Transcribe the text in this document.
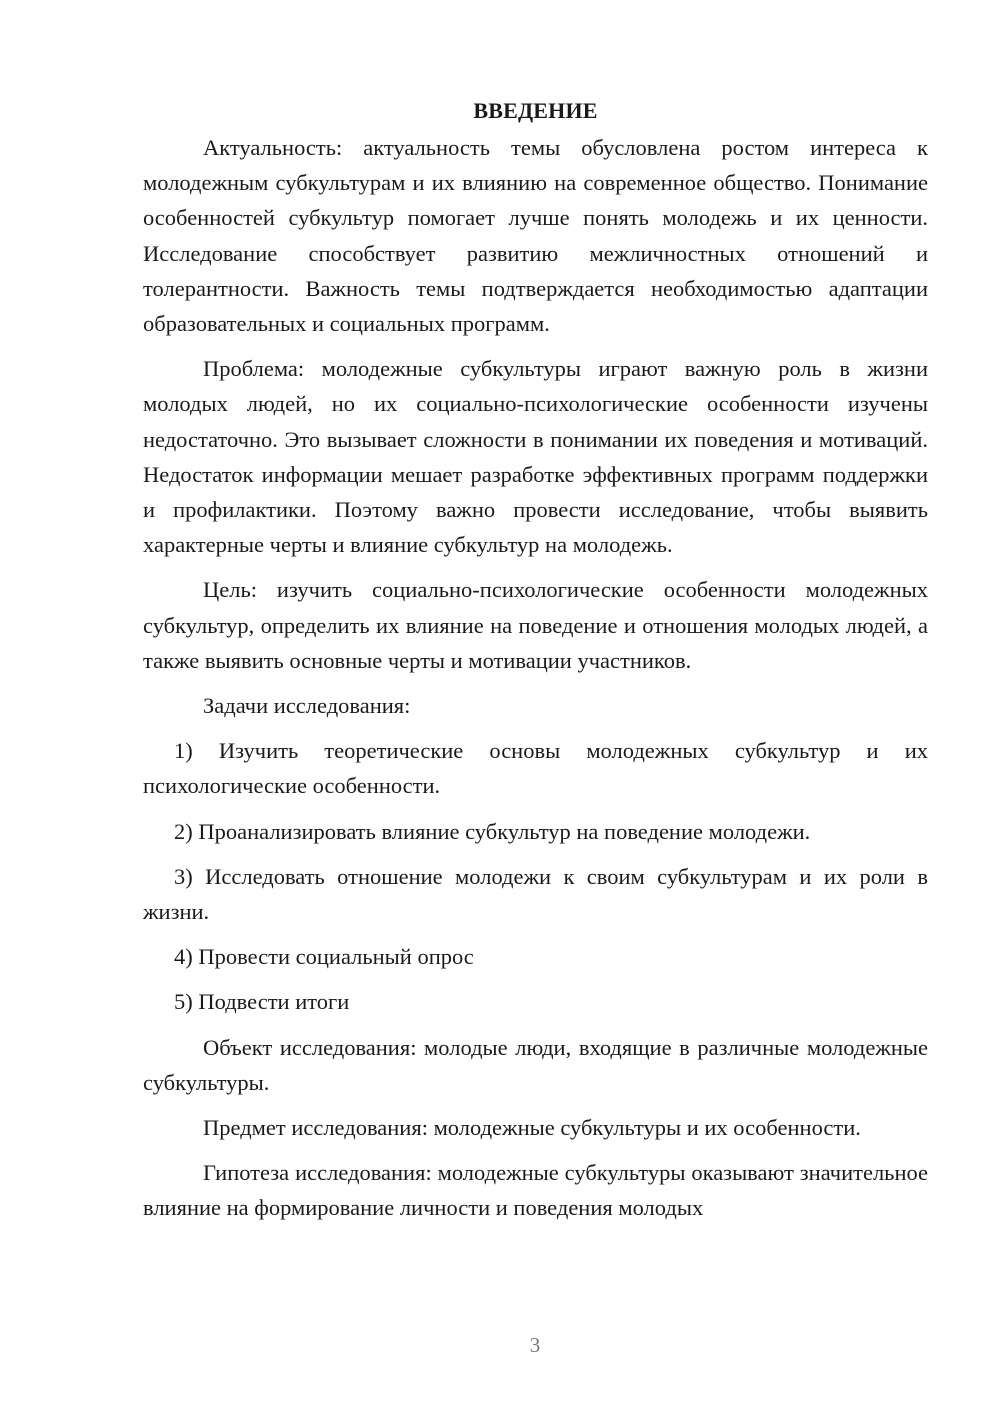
ВВЕДЕНИЕ

Актуальность: актуальность темы обусловлена ростом интереса к молодежным субкультурам и их влиянию на современное общество. Понимание особенностей субкультур помогает лучше понять молодежь и их ценности. Исследование способствует развитию межличностных отношений и толерантности. Важность темы подтверждается необходимостью адаптации образовательных и социальных программ.

Проблема: молодежные субкультуры играют важную роль в жизни молодых людей, но их социально-психологические особенности изучены недостаточно. Это вызывает сложности в понимании их поведения и мотиваций. Недостаток информации мешает разработке эффективных программ поддержки и профилактики. Поэтому важно провести исследование, чтобы выявить характерные черты и влияние субкультур на молодежь.

Цель: изучить социально-психологические особенности молодежных субкультур, определить их влияние на поведение и отношения молодых людей, а также выявить основные черты и мотивации участников.

Задачи исследования:

1) Изучить теоретические основы молодежных субкультур и их психологические особенности.

2) Проанализировать влияние субкультур на поведение молодежи.

3) Исследовать отношение молодежи к своим субкультурам и их роли в жизни.

4) Провести социальный опрос

5) Подвести итоги

Объект исследования: молодые люди, входящие в различные молодежные субкультуры.

Предмет исследования: молодежные субкультуры и их особенности.

Гипотеза исследования: молодежные субкультуры оказывают значительное влияние на формирование личности и поведения молодых

3
